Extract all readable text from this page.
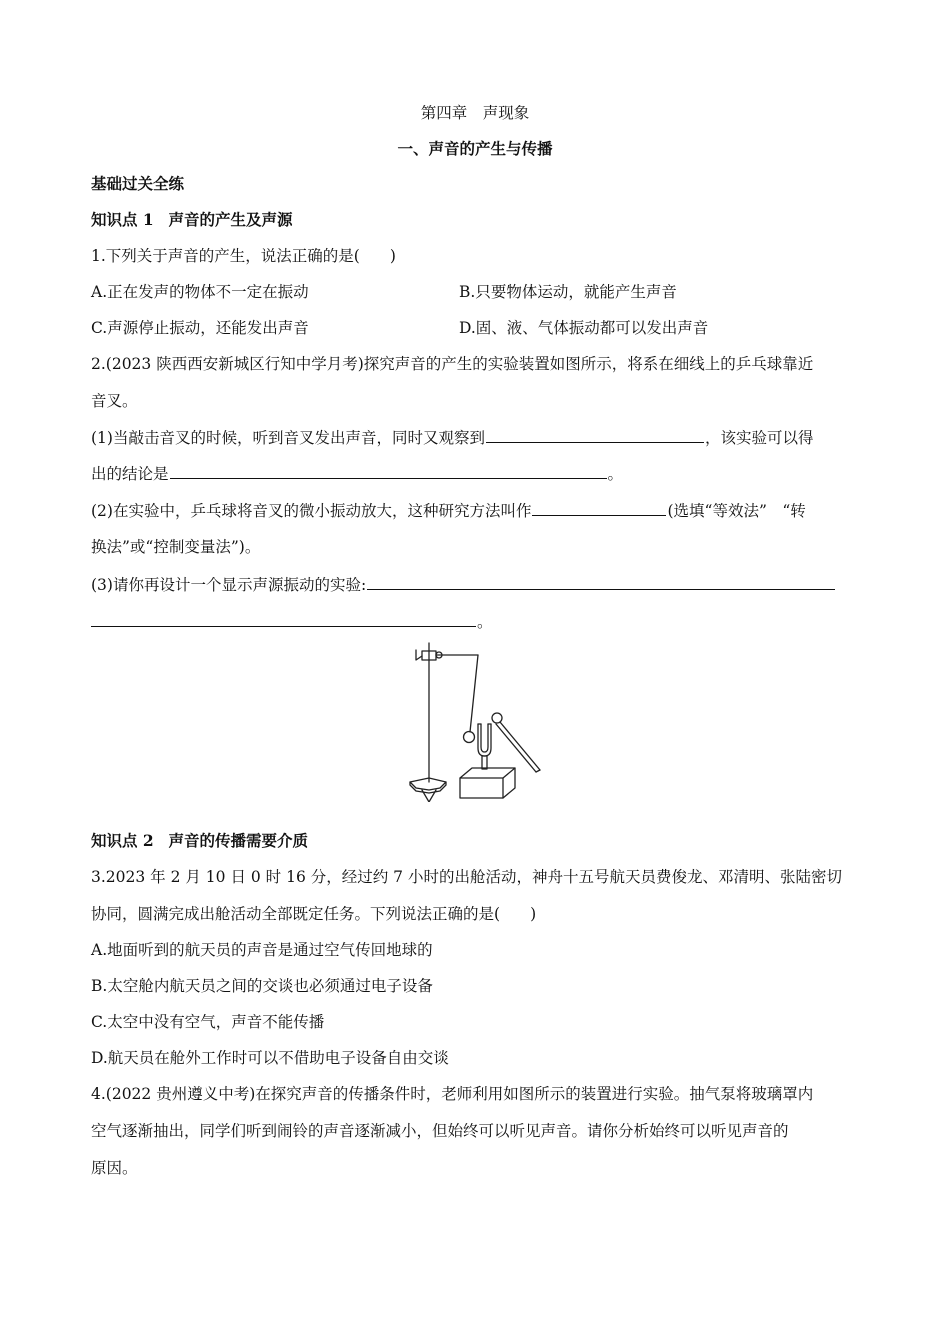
第四章　声现象
一、声音的产生与传播
基础过关全练
知识点 1 声音的产生及声源
1.下列关于声音的产生，说法正确的是( )
A.正在发声的物体不一定在振动	B.只要物体运动，就能产生声音
C.声源停止振动，还能发出声音	D.固、液、气体振动都可以发出声音
2.(2023 陕西西安新城区行知中学月考)探究声音的产生的实验装置如图所示，将系在细线上的乒乓球靠近
音叉。
(1)当敲击音叉的时候，听到音叉发出声音，同时又观察到	，该实验可以得
出的结论是	。
(2)在实验中，乒乓球将音叉的微小振动放大，这种研究方法叫作	(选填“等效法”　“转
换法”或“控制变量法”)。
(3)请你再设计一个显示声源振动的实验:
。
知识点 2 声音的传播需要介质
3.2023 年 2 月 10 日 0 时 16 分，经过约 7 小时的出舱活动，神舟十五号航天员费俊龙、邓清明、张陆密切
协同，圆满完成出舱活动全部既定任务。下列说法正确的是( )
A.地面听到的航天员的声音是通过空气传回地球的
B.太空舱内航天员之间的交谈也必须通过电子设备
C.太空中没有空气，声音不能传播
D.航天员在舱外工作时可以不借助电子设备自由交谈
4.(2022 贵州遵义中考)在探究声音的传播条件时，老师利用如图所示的装置进行实验。抽气泵将玻璃罩内
空气逐渐抽出，同学们听到闹铃的声音逐渐减小，但始终可以听见声音。请你分析始终可以听见声音的
原因。
